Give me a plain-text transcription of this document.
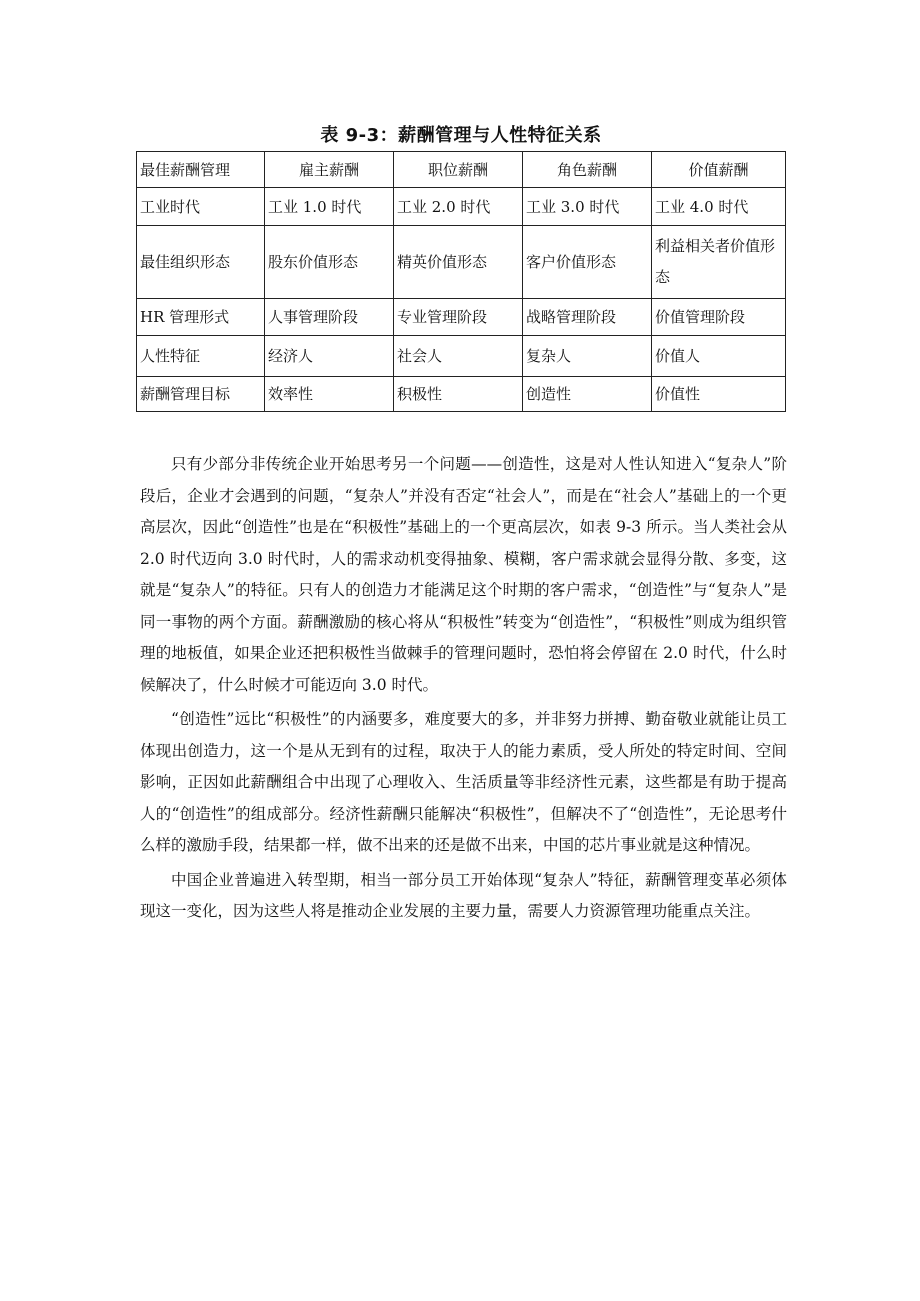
表 9-3：薪酬管理与人性特征关系
最佳薪酬管理	雇主薪酬	职位薪酬	角色薪酬	价值薪酬
工业时代	工业 1.0 时代	工业 2.0 时代	工业 3.0 时代	工业 4.0 时代
最佳组织形态	股东价值形态	精英价值形态	客户价值形态	利益相关者价值形态
HR 管理形式	人事管理阶段	专业管理阶段	战略管理阶段	价值管理阶段
人性特征	经济人	社会人	复杂人	价值人
薪酬管理目标	效率性	积极性	创造性	价值性

只有少部分非传统企业开始思考另一个问题——创造性，这是对人性认知进入“复杂人”阶段后，企业才会遇到的问题，“复杂人”并没有否定“社会人”，而是在“社会人”基础上的一个更高层次，因此“创造性”也是在“积极性”基础上的一个更高层次，如表 9-3 所示。当人类社会从 2.0 时代迈向 3.0 时代时，人的需求动机变得抽象、模糊，客户需求就会显得分散、多变，这就是“复杂人”的特征。只有人的创造力才能满足这个时期的客户需求，“创造性”与“复杂人”是同一事物的两个方面。薪酬激励的核心将从“积极性”转变为“创造性”，“积极性”则成为组织管理的地板值，如果企业还把积极性当做棘手的管理问题时，恐怕将会停留在 2.0 时代，什么时候解决了，什么时候才可能迈向 3.0 时代。

“创造性”远比“积极性”的内涵要多，难度要大的多，并非努力拼搏、勤奋敬业就能让员工体现出创造力，这一个是从无到有的过程，取决于人的能力素质，受人所处的特定时间、空间影响，正因如此薪酬组合中出现了心理收入、生活质量等非经济性元素，这些都是有助于提高人的“创造性”的组成部分。经济性薪酬只能解决“积极性”，但解决不了“创造性”，无论思考什么样的激励手段，结果都一样，做不出来的还是做不出来，中国的芯片事业就是这种情况。

中国企业普遍进入转型期，相当一部分员工开始体现“复杂人”特征，薪酬管理变革必须体现这一变化，因为这些人将是推动企业发展的主要力量，需要人力资源管理功能重点关注。
